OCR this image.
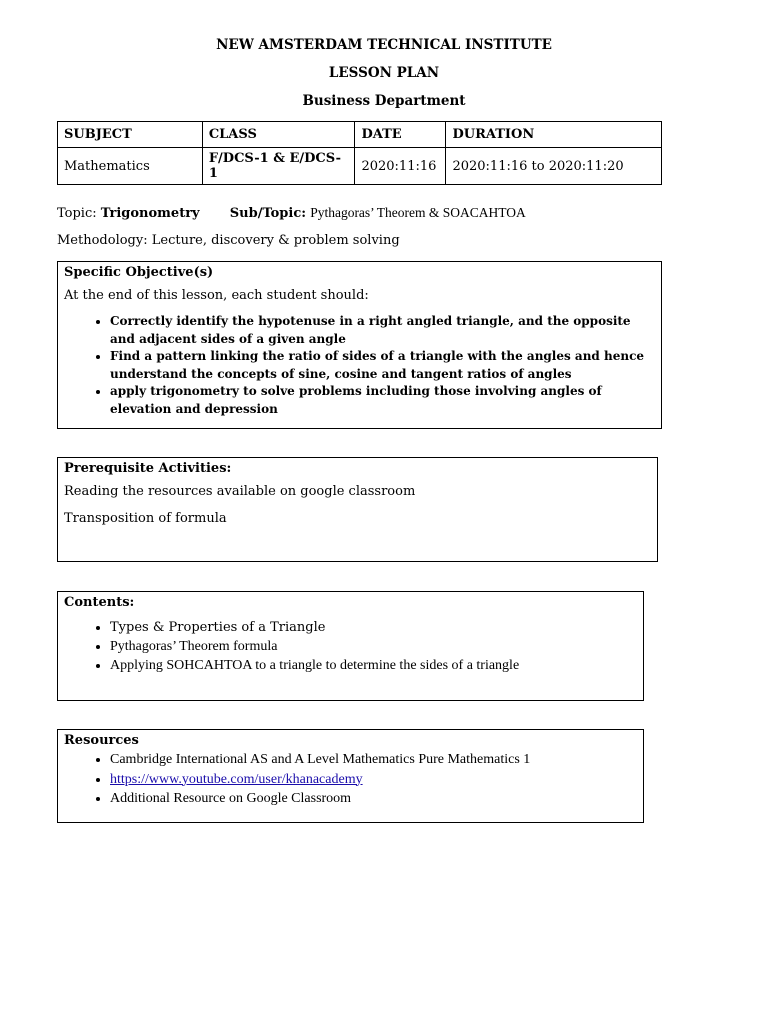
NEW AMSTERDAM TECHNICAL INSTITUTE
LESSON PLAN
Business Department
SUBJECT	CLASS	DATE	DURATION
Mathematics	F/DCS-1 & E/DCS-1	2020:11:16	2020:11:16 to 2020:11:20
Topic: Trigonometry Sub/Topic: Pythagoras’ Theorem & SOACAHTOA
Methodology: Lecture, discovery & problem solving
Specific Objective(s)

At the end of this lesson, each student should:

• Correctly identify the hypotenuse in a right angled triangle, and the opposite and adjacent sides of a given angle
• Find a pattern linking the ratio of sides of a triangle with the angles and hence understand the concepts of sine, cosine and tangent ratios of angles
• apply trigonometry to solve problems including those involving angles of elevation and depression
Prerequisite Activities:

Reading the resources available on google classroom

Transposition of formula

Contents:
• Types & Properties of a Triangle
• Pythagoras’ Theorem formula
• Applying SOHCAHTOA to a triangle to determine the sides of a triangle
Resources
• Cambridge International AS and A Level Mathematics Pure Mathematics 1
• https://www.youtube.com/user/khanacademy
• Additional Resource on Google Classroom
